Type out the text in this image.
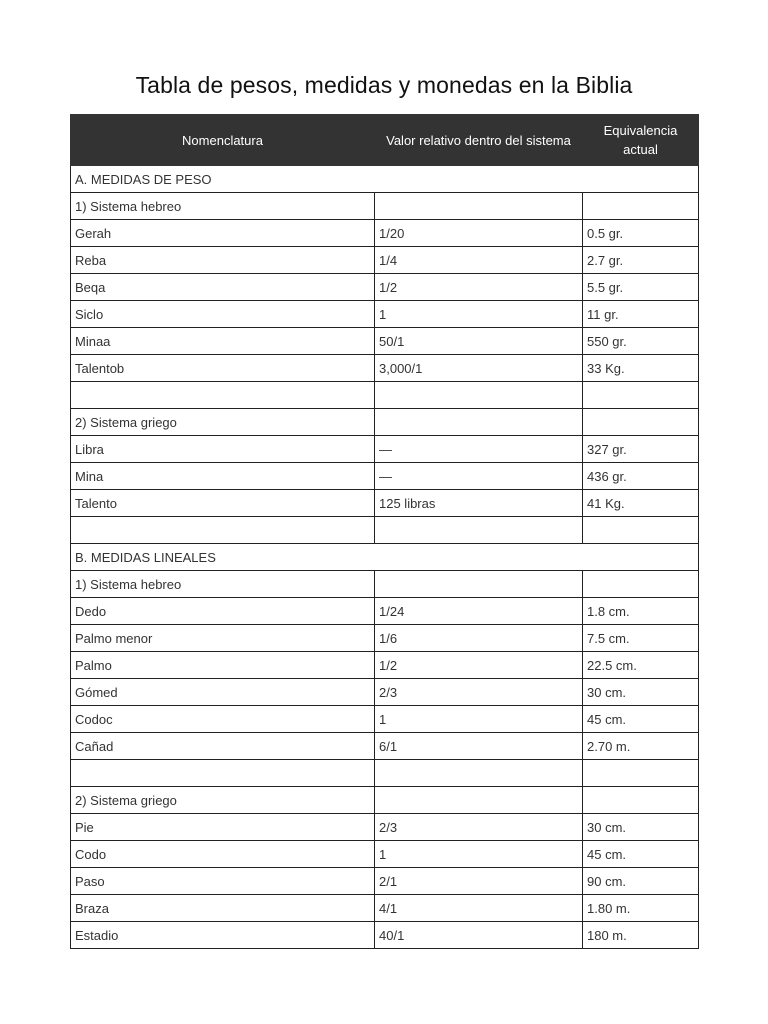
Tabla de pesos, medidas y monedas en la Biblia
Nomenclatura	Valor relativo dentro del sistema	Equivalencia actual
A. MEDIDAS DE PESO		
1) Sistema hebreo		
Gerah	1/20	0.5 gr.
Reba	1/4	2.7 gr.
Beqa	1/2	5.5 gr.
Siclo	1	11 gr.
Minaa	50/1	550 gr.
Talentob	3,000/1	33 Kg.

2) Sistema griego		
Libra	—	327 gr.
Mina	—	436 gr.
Talento	125 libras	41 Kg.

B. MEDIDAS LINEALES		
1) Sistema hebreo		
Dedo	1/24	1.8 cm.
Palmo menor	1/6	7.5 cm.
Palmo	1/2	22.5 cm.
Gómed	2/3	30 cm.
Codoc	1	45 cm.
Cañad	6/1	2.70 m.

2) Sistema griego		
Pie	2/3	30 cm.
Codo	1	45 cm.
Paso	2/1	90 cm.
Braza	4/1	1.80 m.
Estadio	40/1	180 m.
